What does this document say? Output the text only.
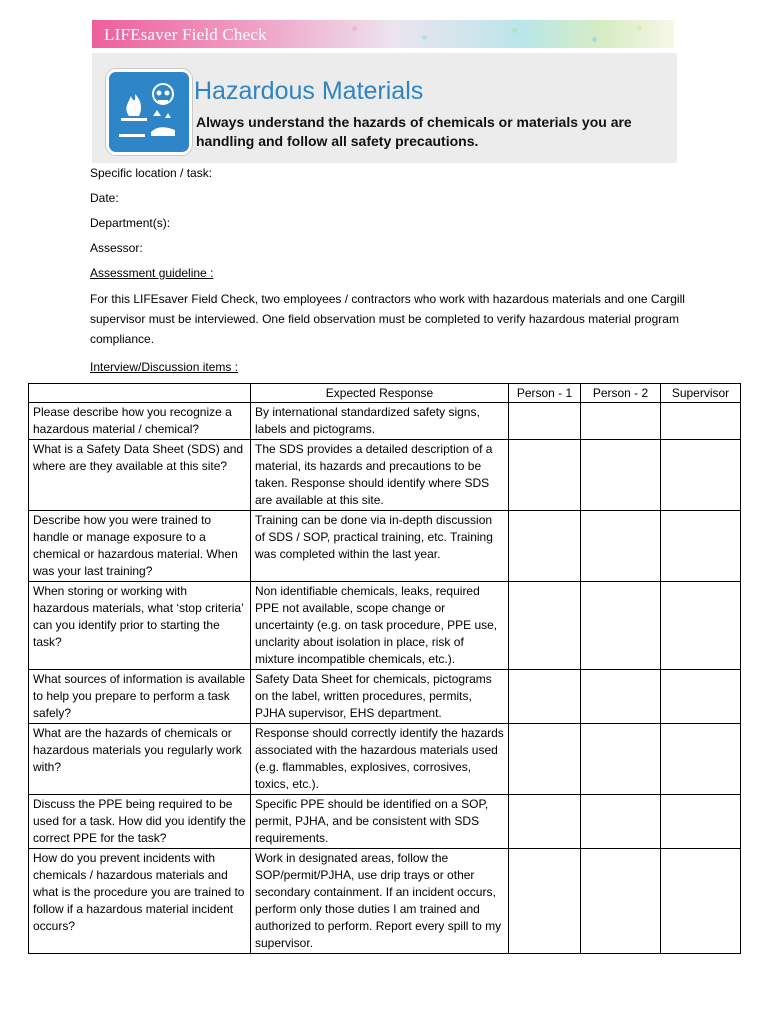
LIFEsaver Field Check
Hazardous Materials
Always understand the hazards of chemicals or materials you are handling and follow all safety precautions.
Specific location / task:
Date:
Department(s):
Assessor:
Assessment guideline :
For this LIFEsaver Field Check, two employees / contractors who work with hazardous materials and one Cargill supervisor must be interviewed. One field observation must be completed to verify hazardous material program compliance.
Interview/Discussion items :
	Expected Response	Person - 1	Person - 2	Supervisor
Please describe how you recognize a hazardous material / chemical?	By international standardized safety signs, labels and pictograms.			
What is a Safety Data Sheet (SDS) and where are they available at this site?	The SDS provides a detailed description of a material, its hazards and precautions to be taken. Response should identify where SDS are available at this site.			
Describe how you were trained to handle or manage exposure to a chemical or hazardous material. When was your last training?	Training can be done via in-depth discussion of SDS / SOP, practical training, etc. Training was completed within the last year.			
When storing or working with hazardous materials, what ‘stop criteria’ can you identify prior to starting the task?	Non identifiable chemicals, leaks, required PPE not available, scope change or uncertainty (e.g. on task procedure, PPE use, unclarity about isolation in place, risk of mixture incompatible chemicals, etc.).			
What sources of information is available to help you prepare to perform a task safely?	Safety Data Sheet for chemicals, pictograms on the label, written procedures, permits, PJHA supervisor, EHS department.			
What are the hazards of chemicals or hazardous materials you regularly work with?	Response should correctly identify the hazards associated with the hazardous materials used (e.g. flammables, explosives, corrosives, toxics, etc.).			
Discuss the PPE being required to be used for a task. How did you identify the correct PPE for the task?	Specific PPE should be identified on a SOP, permit, PJHA, and be consistent with SDS requirements.			
How do you prevent incidents with chemicals / hazardous materials and what is the procedure you are trained to follow if a hazardous material incident occurs?	Work in designated areas, follow the SOP/permit/PJHA, use drip trays or other secondary containment. If an incident occurs, perform only those duties I am trained and authorized to perform. Report every spill to my supervisor.			
